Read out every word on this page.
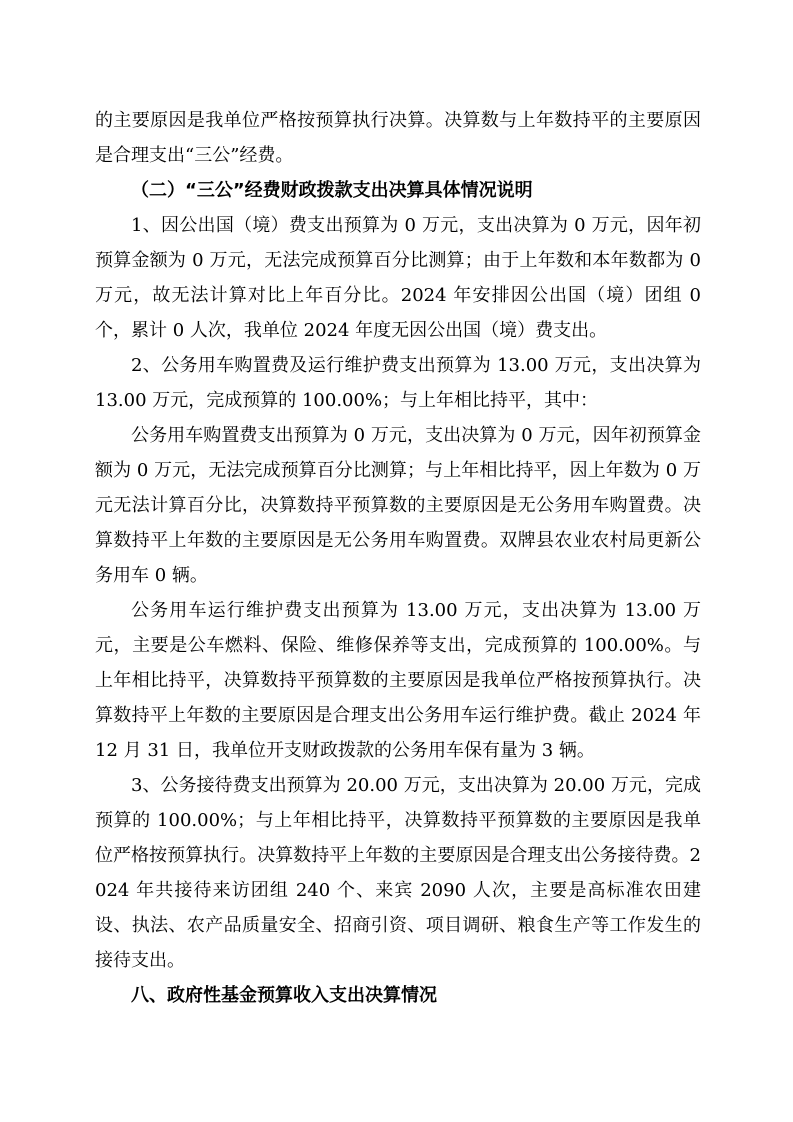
的主要原因是我单位严格按预算执行决算。决算数与上年数持平的主要原因是合理支出“三公”经费。

（二）“三公”经费财政拨款支出决算具体情况说明

1、因公出国（境）费支出预算为 0 万元，支出决算为 0 万元，因年初预算金额为 0 万元，无法完成预算百分比测算；由于上年数和本年数都为 0 万元，故无法计算对比上年百分比。2024 年安排因公出国（境）团组 0 个，累计 0 人次，我单位 2024 年度无因公出国（境）费支出。

2、公务用车购置费及运行维护费支出预算为 13.00 万元，支出决算为 13.00 万元，完成预算的 100.00%；与上年相比持平，其中：

公务用车购置费支出预算为 0 万元，支出决算为 0 万元，因年初预算金额为 0 万元，无法完成预算百分比测算；与上年相比持平，因上年数为 0 万元无法计算百分比，决算数持平预算数的主要原因是无公务用车购置费。决算数持平上年数的主要原因是无公务用车购置费。双牌县农业农村局更新公务用车 0 辆。

公务用车运行维护费支出预算为 13.00 万元，支出决算为 13.00 万元，主要是公车燃料、保险、维修保养等支出，完成预算的 100.00%。与上年相比持平，决算数持平预算数的主要原因是我单位严格按预算执行。决算数持平上年数的主要原因是合理支出公务用车运行维护费。截止 2024 年 12 月 31 日，我单位开支财政拨款的公务用车保有量为 3 辆。

3、公务接待费支出预算为 20.00 万元，支出决算为 20.00 万元，完成预算的 100.00%；与上年相比持平，决算数持平预算数的主要原因是我单位严格按预算执行。决算数持平上年数的主要原因是合理支出公务接待费。2024 年共接待来访团组 240 个、来宾 2090 人次，主要是高标准农田建设、执法、农产品质量安全、招商引资、项目调研、粮食生产等工作发生的接待支出。

八、政府性基金预算收入支出决算情况
